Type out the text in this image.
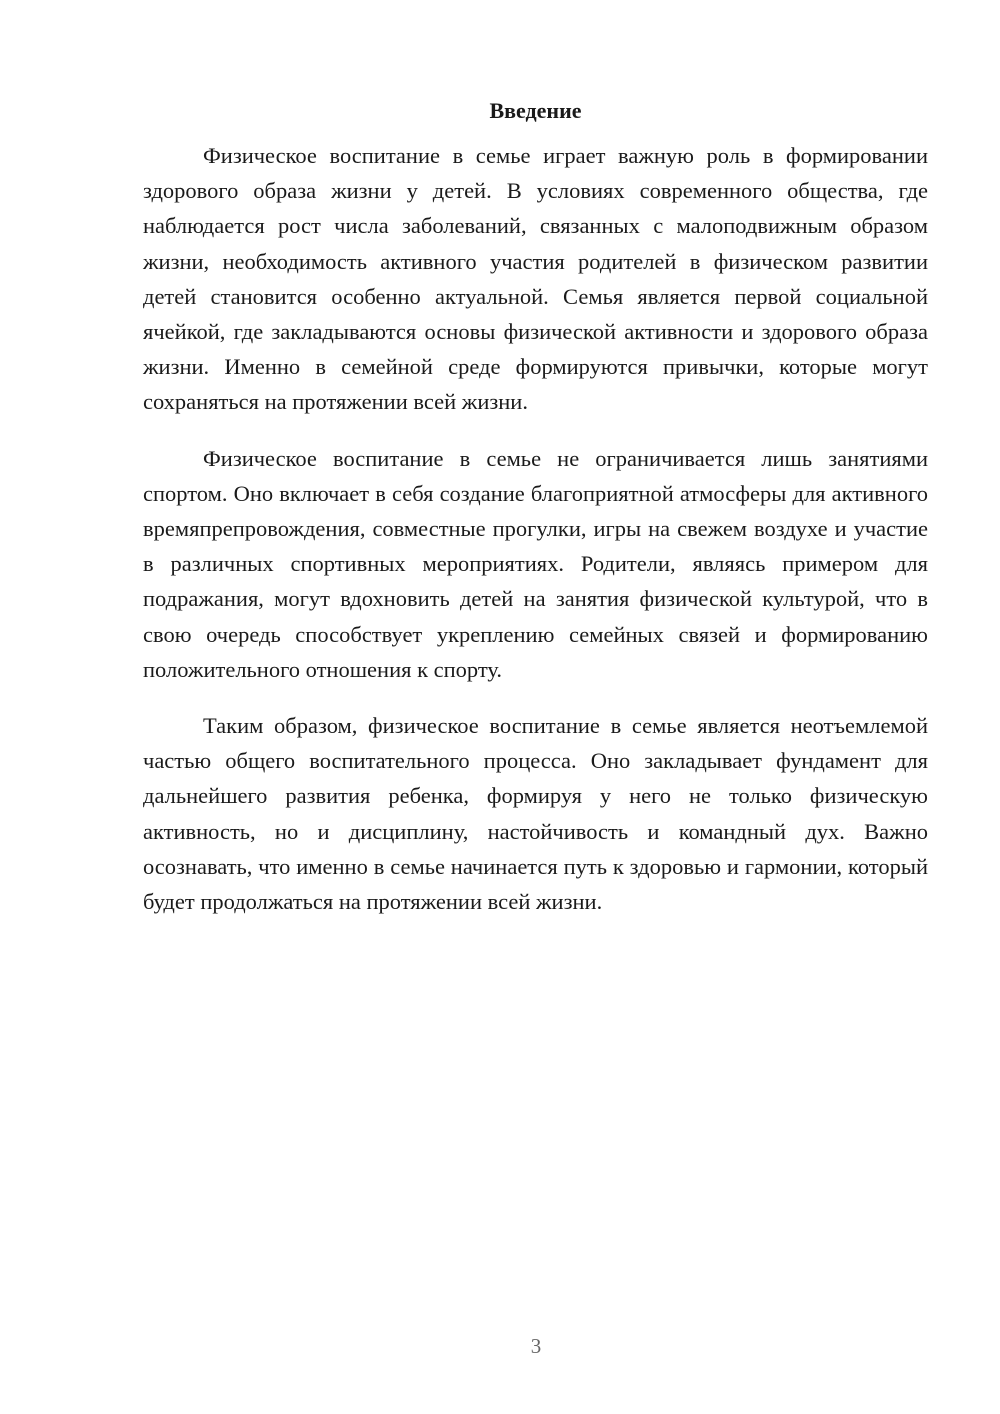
Введение

Физическое воспитание в семье играет важную роль в формировании здорового образа жизни у детей. В условиях современного общества, где наблюдается рост числа заболеваний, связанных с малоподвижным образом жизни, необходимость активного участия родителей в физическом развитии детей становится особенно актуальной. Семья является первой социальной ячейкой, где закладываются основы физической активности и здорового образа жизни. Именно в семейной среде формируются привычки, которые могут сохраняться на протяжении всей жизни.

Физическое воспитание в семье не ограничивается лишь занятиями спортом. Оно включает в себя создание благоприятной атмосферы для активного времяпрепровождения, совместные прогулки, игры на свежем воздухе и участие в различных спортивных мероприятиях. Родители, являясь примером для подражания, могут вдохновить детей на занятия физической культурой, что в свою очередь способствует укреплению семейных связей и формированию положительного отношения к спорту.

Таким образом, физическое воспитание в семье является неотъемлемой частью общего воспитательного процесса. Оно закладывает фундамент для дальнейшего развития ребенка, формируя у него не только физическую активность, но и дисциплину, настойчивость и командный дух. Важно осознавать, что именно в семье начинается путь к здоровью и гармонии, который будет продолжаться на протяжении всей жизни.

3
